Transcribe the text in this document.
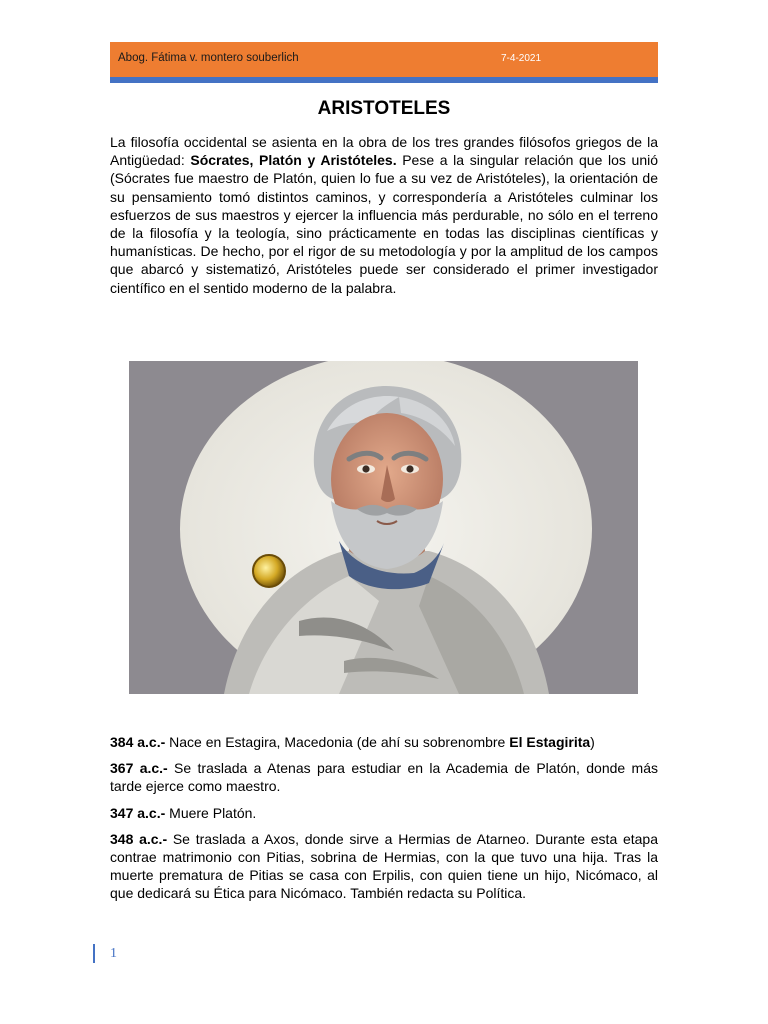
Abog. Fátima v. montero souberlich	7-4-2021
ARISTOTELES

La filosofía occidental se asienta en la obra de los tres grandes filósofos griegos de la Antigüedad: Sócrates, Platón y Aristóteles. Pese a la singular relación que los unió (Sócrates fue maestro de Platón, quien lo fue a su vez de Aristóteles), la orientación de su pensamiento tomó distintos caminos, y correspondería a Aristóteles culminar los esfuerzos de sus maestros y ejercer la influencia más perdurable, no sólo en el terreno de la filosofía y la teología, sino prácticamente en todas las disciplinas científicas y humanísticas. De hecho, por el rigor de su metodología y por la amplitud de los campos que abarcó y sistematizó, Aristóteles puede ser considerado el primer investigador científico en el sentido moderno de la palabra.

384 a.c.- Nace en Estagira, Macedonia (de ahí su sobrenombre El Estagirita)

367 a.c.- Se traslada a Atenas para estudiar en la Academia de Platón, donde más tarde ejerce como maestro.

347 a.c.- Muere Platón.

348 a.c.- Se traslada a Axos, donde sirve a Hermias de Atarneo. Durante esta etapa contrae matrimonio con Pitias, sobrina de Hermias, con la que tuvo una hija. Tras la muerte prematura de Pitias se casa con Erpilis, con quien tiene un hijo, Nicómaco, al que dedicará su Ética para Nicómaco. También redacta su Política.

1
